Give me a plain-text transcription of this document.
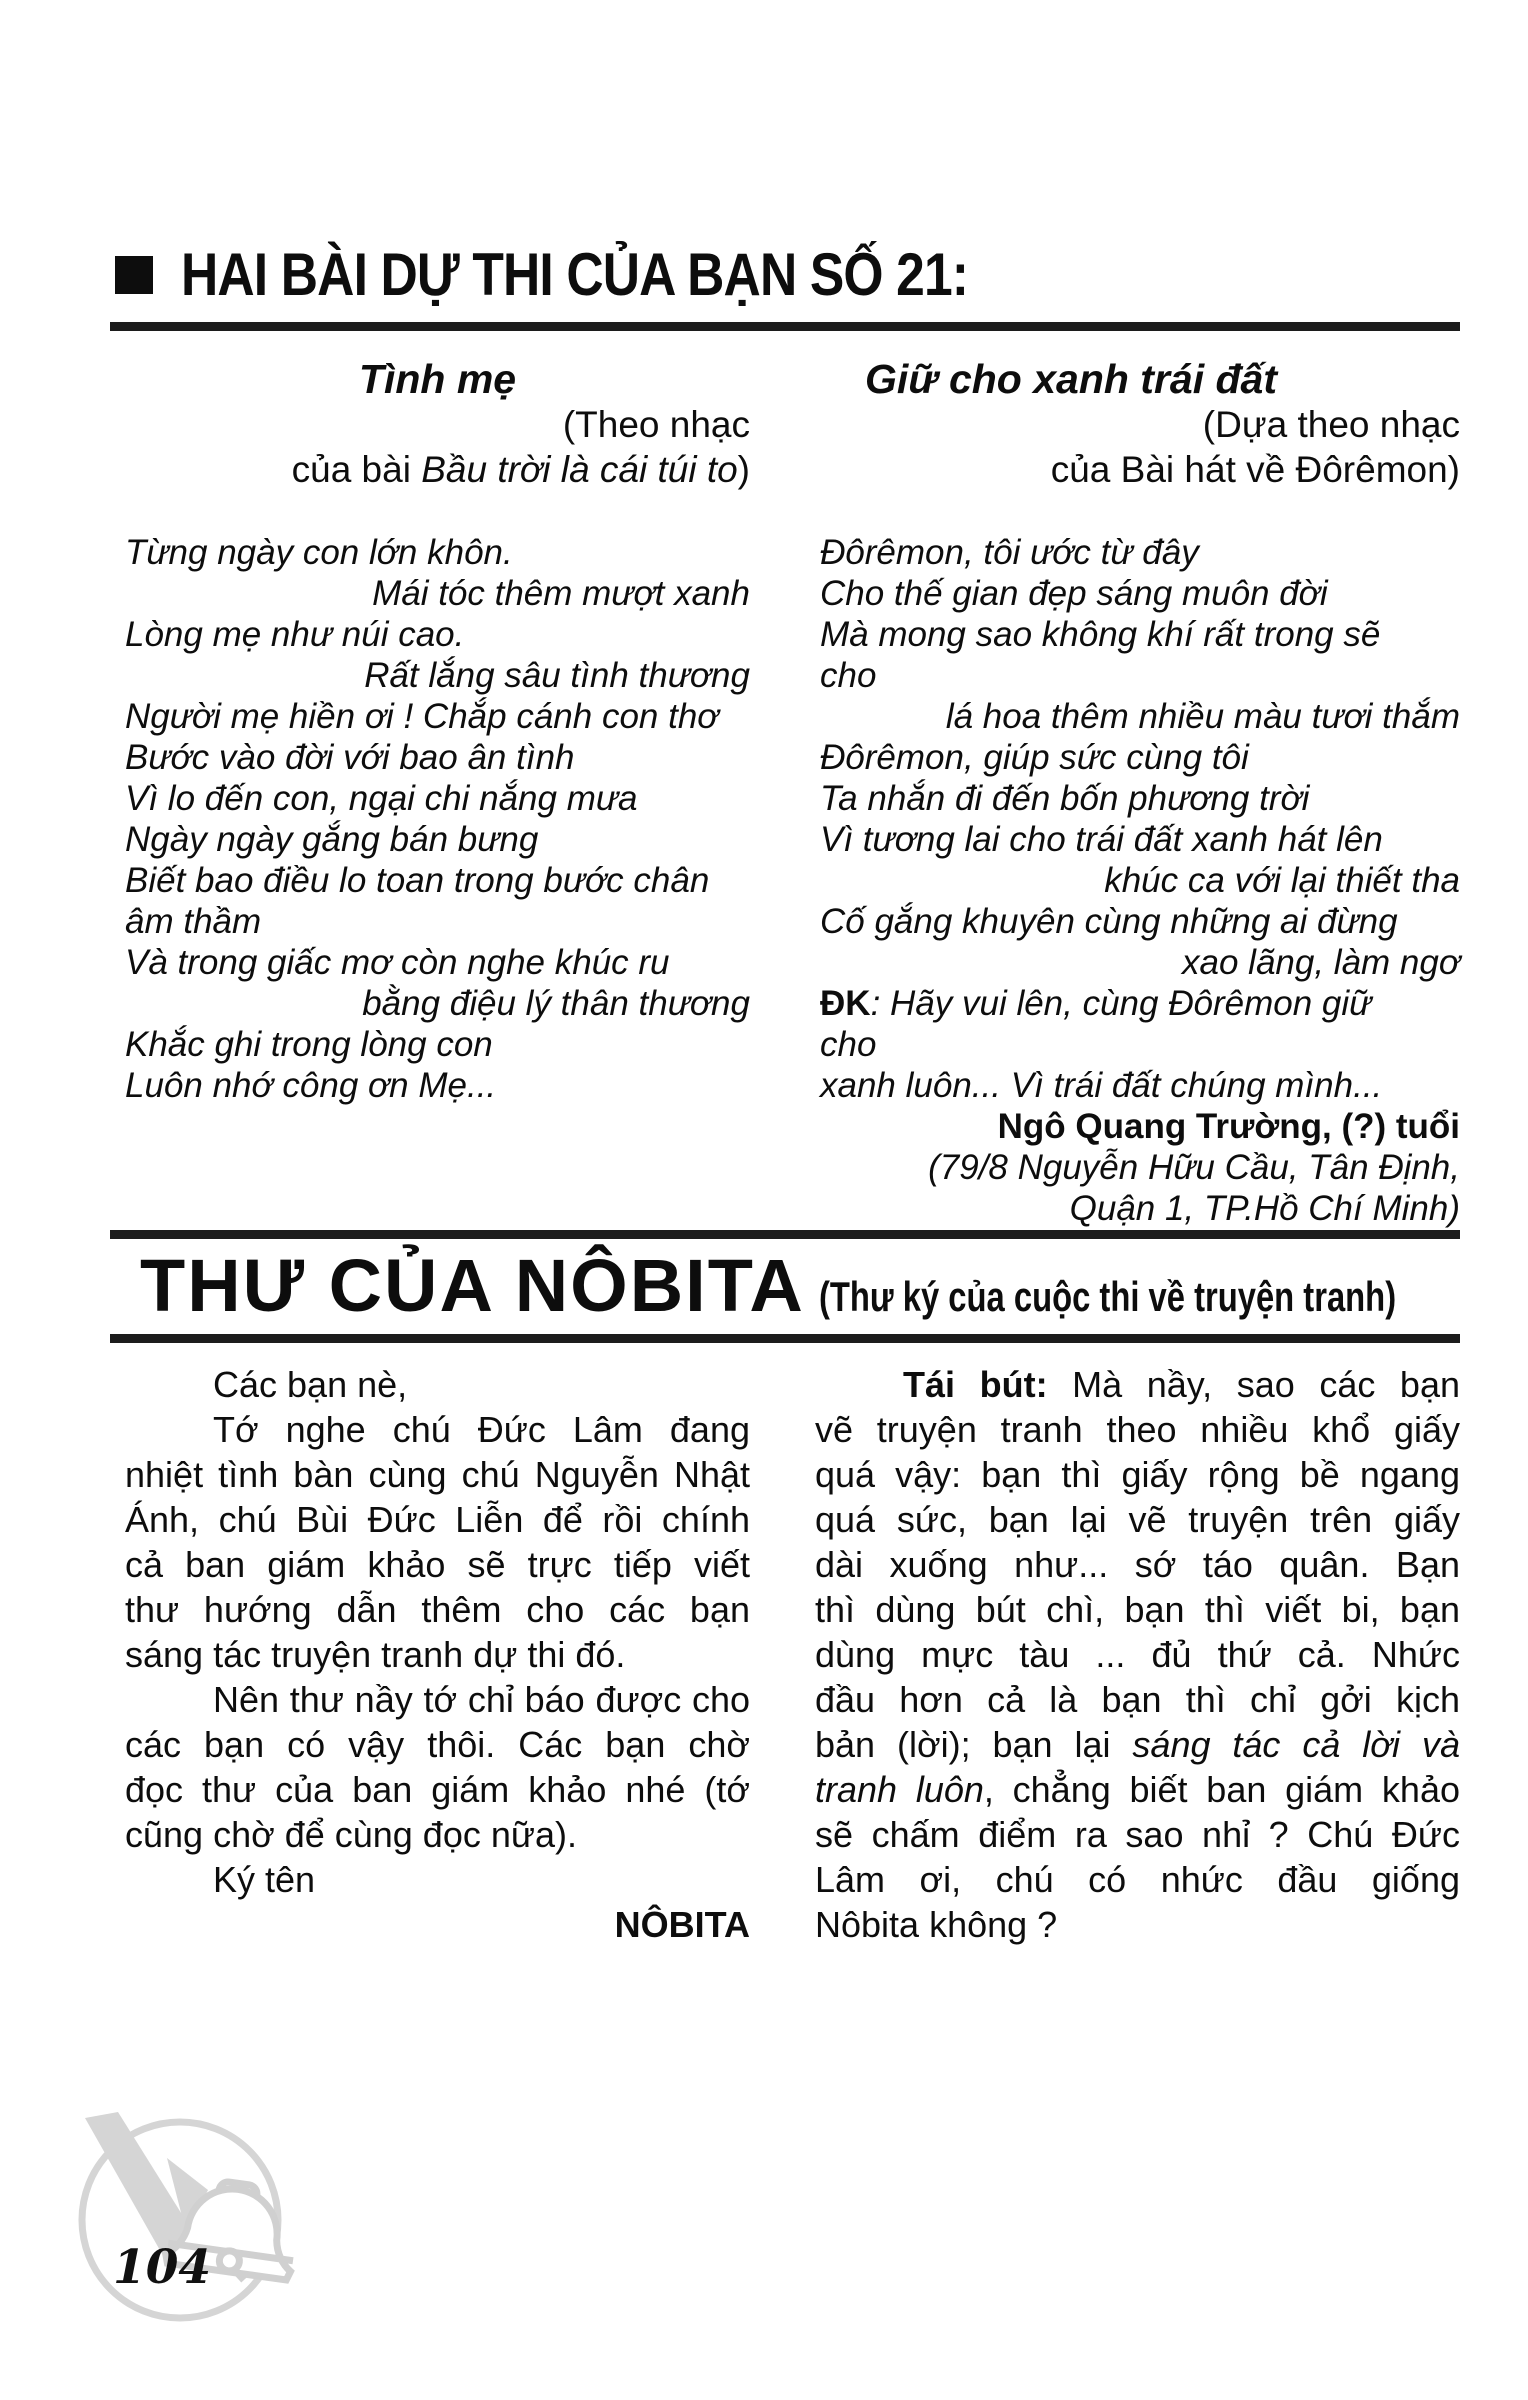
HAI BÀI DỰ THI CỦA BẠN SỐ 21:
Tình mẹ
(Theo nhạc
của bài Bầu trời là cái túi to)
Từng ngày con lớn khôn.
Mái tóc thêm mượt xanh
Lòng mẹ như núi cao.
Rất lắng sâu tình thương
Người mẹ hiền ơi ! Chắp cánh con thơ
Bước vào đời với bao ân tình
Vì lo đến con, ngại chi nắng mưa
Ngày ngày gắng bán bưng
Biết bao điều lo toan trong bước chân
âm thầm
Và trong giấc mơ còn nghe khúc ru
bằng điệu lý thân thương
Khắc ghi trong lòng con
Luôn nhớ công ơn Mẹ...
Giữ cho xanh trái đất
(Dựa theo nhạc
của Bài hát về Đôrêmon)
Đôrêmon, tôi ước từ đây
Cho thế gian đẹp sáng muôn đời
Mà mong sao không khí rất trong sẽ
cho
lá hoa thêm nhiều màu tươi thắm
Đôrêmon, giúp sức cùng tôi
Ta nhắn đi đến bốn phương trời
Vì tương lai cho trái đất xanh hát lên
khúc ca với lại thiết tha
Cố gắng khuyên cùng những ai đừng
xao lãng, làm ngơ
ĐK: Hãy vui lên, cùng Đôrêmon giữ
cho
xanh luôn... Vì trái đất chúng mình...
Ngô Quang Trường, (?) tuổi
(79/8 Nguyễn Hữu Cầu, Tân Định,
Quận 1, TP.Hồ Chí Minh)
THƯ CỦA NÔBITA (Thư ký của cuộc thi về truyện tranh)
Các bạn nè,
Tớ nghe chú Đức Lâm đang
nhiệt tình bàn cùng chú Nguyễn Nhật
Ánh, chú Bùi Đức Liễn để rồi chính
cả ban giám khảo sẽ trực tiếp viết
thư hướng dẫn thêm cho các bạn
sáng tác truyện tranh dự thi đó.
Nên thư nầy tớ chỉ báo được cho
các bạn có vậy thôi. Các bạn chờ
đọc thư của ban giám khảo nhé (tớ
cũng chờ để cùng đọc nữa).
Ký tên
NÔBITA
Tái bút: Mà nầy, sao các bạn
vẽ truyện tranh theo nhiều khổ giấy
quá vậy: bạn thì giấy rộng bề ngang
quá sức, bạn lại vẽ truyện trên giấy
dài xuống như... sớ táo quân. Bạn
thì dùng bút chì, bạn thì viết bi, bạn
dùng mực tàu ... đủ thứ cả. Nhức
đầu hơn cả là bạn thì chỉ gởi kịch
bản (lời); bạn lại sáng tác cả lời và
tranh luôn, chẳng biết ban giám khảo
sẽ chấm điểm ra sao nhỉ ? Chú Đức
Lâm ơi, chú có nhức đầu giống
Nôbita không ?
104
